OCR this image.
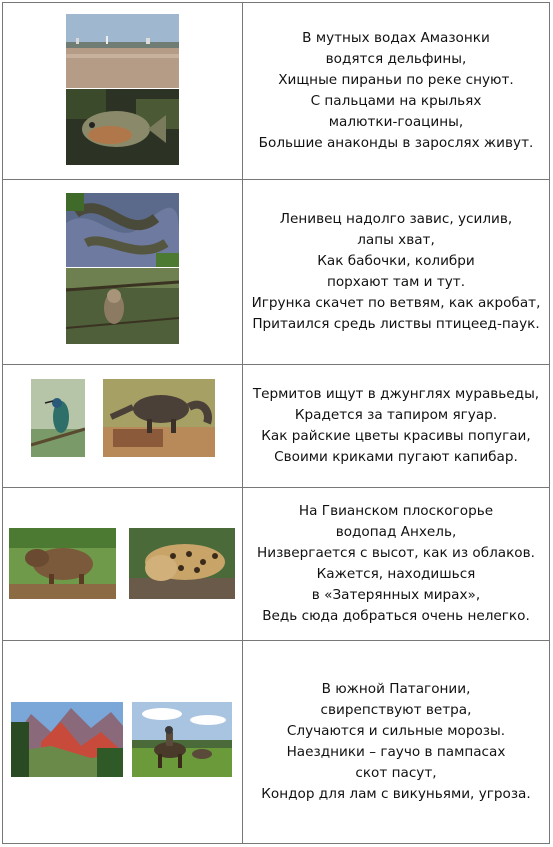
В мутных водах Амазонки
водятся дельфины,
Хищные пираньи по реке снуют.
С пальцами на крыльях
малютки-гоацины,
Большие анаконды в зарослях живут.
Ленивец надолго завис, усилив,
лапы хват,
Как бабочки, колибри
порхают там и тут.
Игрунка скачет по ветвям, как акробат,
Притаился средь листвы птицеед-паук.
Термитов ищут в джунглях муравьеды,
Крадется за тапиром ягуар.
Как райские цветы красивы попугаи,
Своими криками пугают капибар.
На Гвианском плоскогорье
водопад Анхель,
Низвергается с высот, как из облаков.
Кажется, находишься
в «Затерянных мирах»,
Ведь сюда добраться очень нелегко.
В южной Патагонии,
свирепствуют ветра,
Случаются и сильные морозы.
Наездники – гаучо в пампасах
скот пасут,
Кондор для лам с викуньями, угроза.
